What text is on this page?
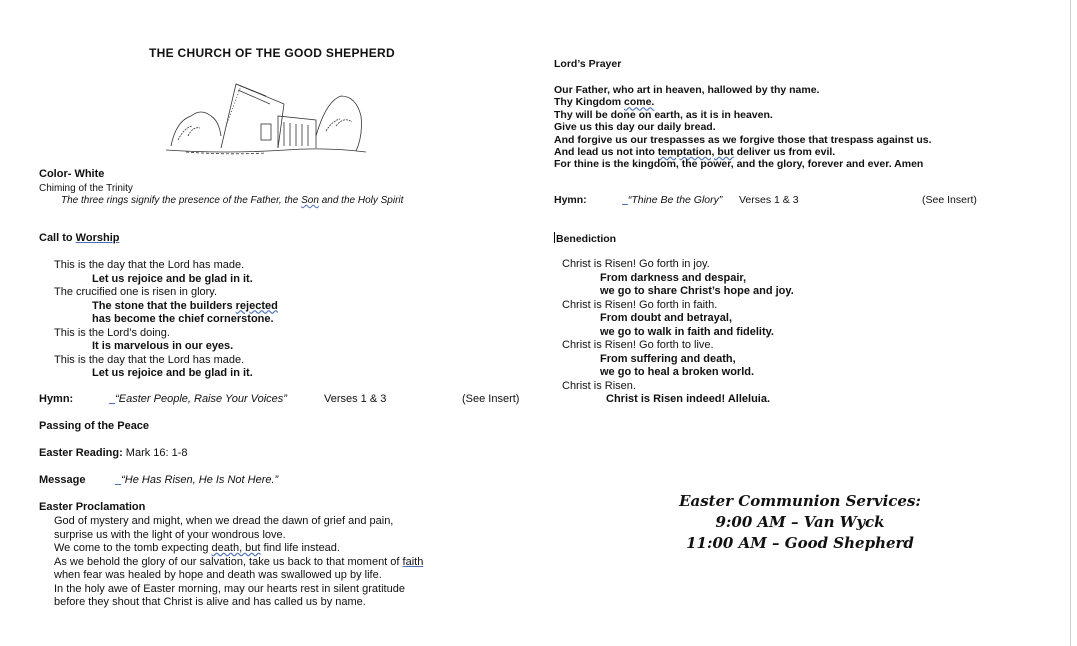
THE CHURCH OF THE GOOD SHEPHERD
Color- White
Chiming of the Trinity
The three rings signify the presence of the Father, the Son and the Holy Spirit
Call to Worship
This is the day that the Lord has made.
Let us rejoice and be glad in it.
The crucified one is risen in glory.
The stone that the builders rejected
has become the chief cornerstone.
This is the Lord’s doing.
It is marvelous in our eyes.
This is the day that the Lord has made.
Let us rejoice and be glad in it.
Hymn:	“Easter People, Raise Your Voices”	Verses 1 & 3	(See Insert)
Passing of the Peace
Easter Reading: Mark 16: 1-8
Message	“He Has Risen, He Is Not Here.”
Easter Proclamation
God of mystery and might, when we dread the dawn of grief and pain,
surprise us with the light of your wondrous love.
We come to the tomb expecting death, but find life instead.
As we behold the glory of our salvation, take us back to that moment of faith
when fear was healed by hope and death was swallowed up by life.
In the holy awe of Easter morning, may our hearts rest in silent gratitude
before they shout that Christ is alive and has called us by name.
Lord’s Prayer
Our Father, who art in heaven, hallowed by thy name.
Thy Kingdom come.
Thy will be done on earth, as it is in heaven.
Give us this day our daily bread.
And forgive us our trespasses as we forgive those that trespass against us.
And lead us not into temptation, but deliver us from evil.
For thine is the kingdom, the power, and the glory, forever and ever. Amen
Hymn:	“Thine Be the Glory” Verses 1 & 3	(See Insert)
Benediction
Christ is Risen! Go forth in joy.
From darkness and despair,
we go to share Christ’s hope and joy.
Christ is Risen! Go forth in faith.
From doubt and betrayal,
we go to walk in faith and fidelity.
Christ is Risen! Go forth to live.
From suffering and death,
we go to heal a broken world.
Christ is Risen.
Christ is Risen indeed! Alleluia.
Easter Communion Services:
9:00 AM – Van Wyck
11:00 AM – Good Shepherd
